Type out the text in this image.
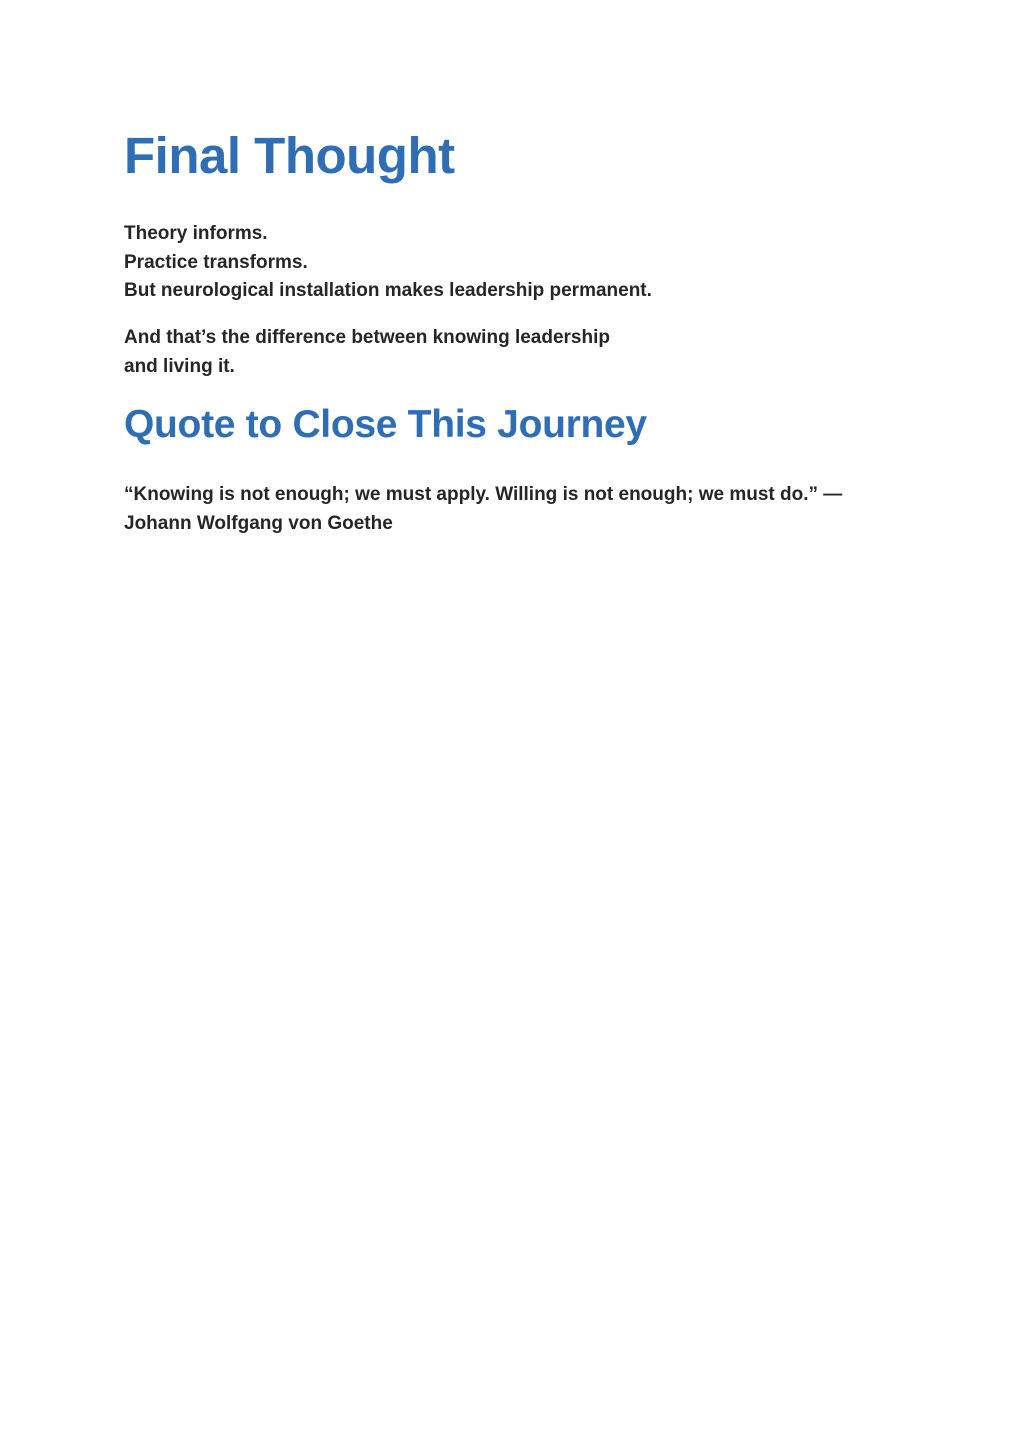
Final Thought

Theory informs.
Practice transforms.
But neurological installation makes leadership permanent.

And that’s the difference between knowing leadership
and living it.

Quote to Close This Journey

“Knowing is not enough; we must apply. Willing is not enough; we must do.” —
Johann Wolfgang von Goethe
